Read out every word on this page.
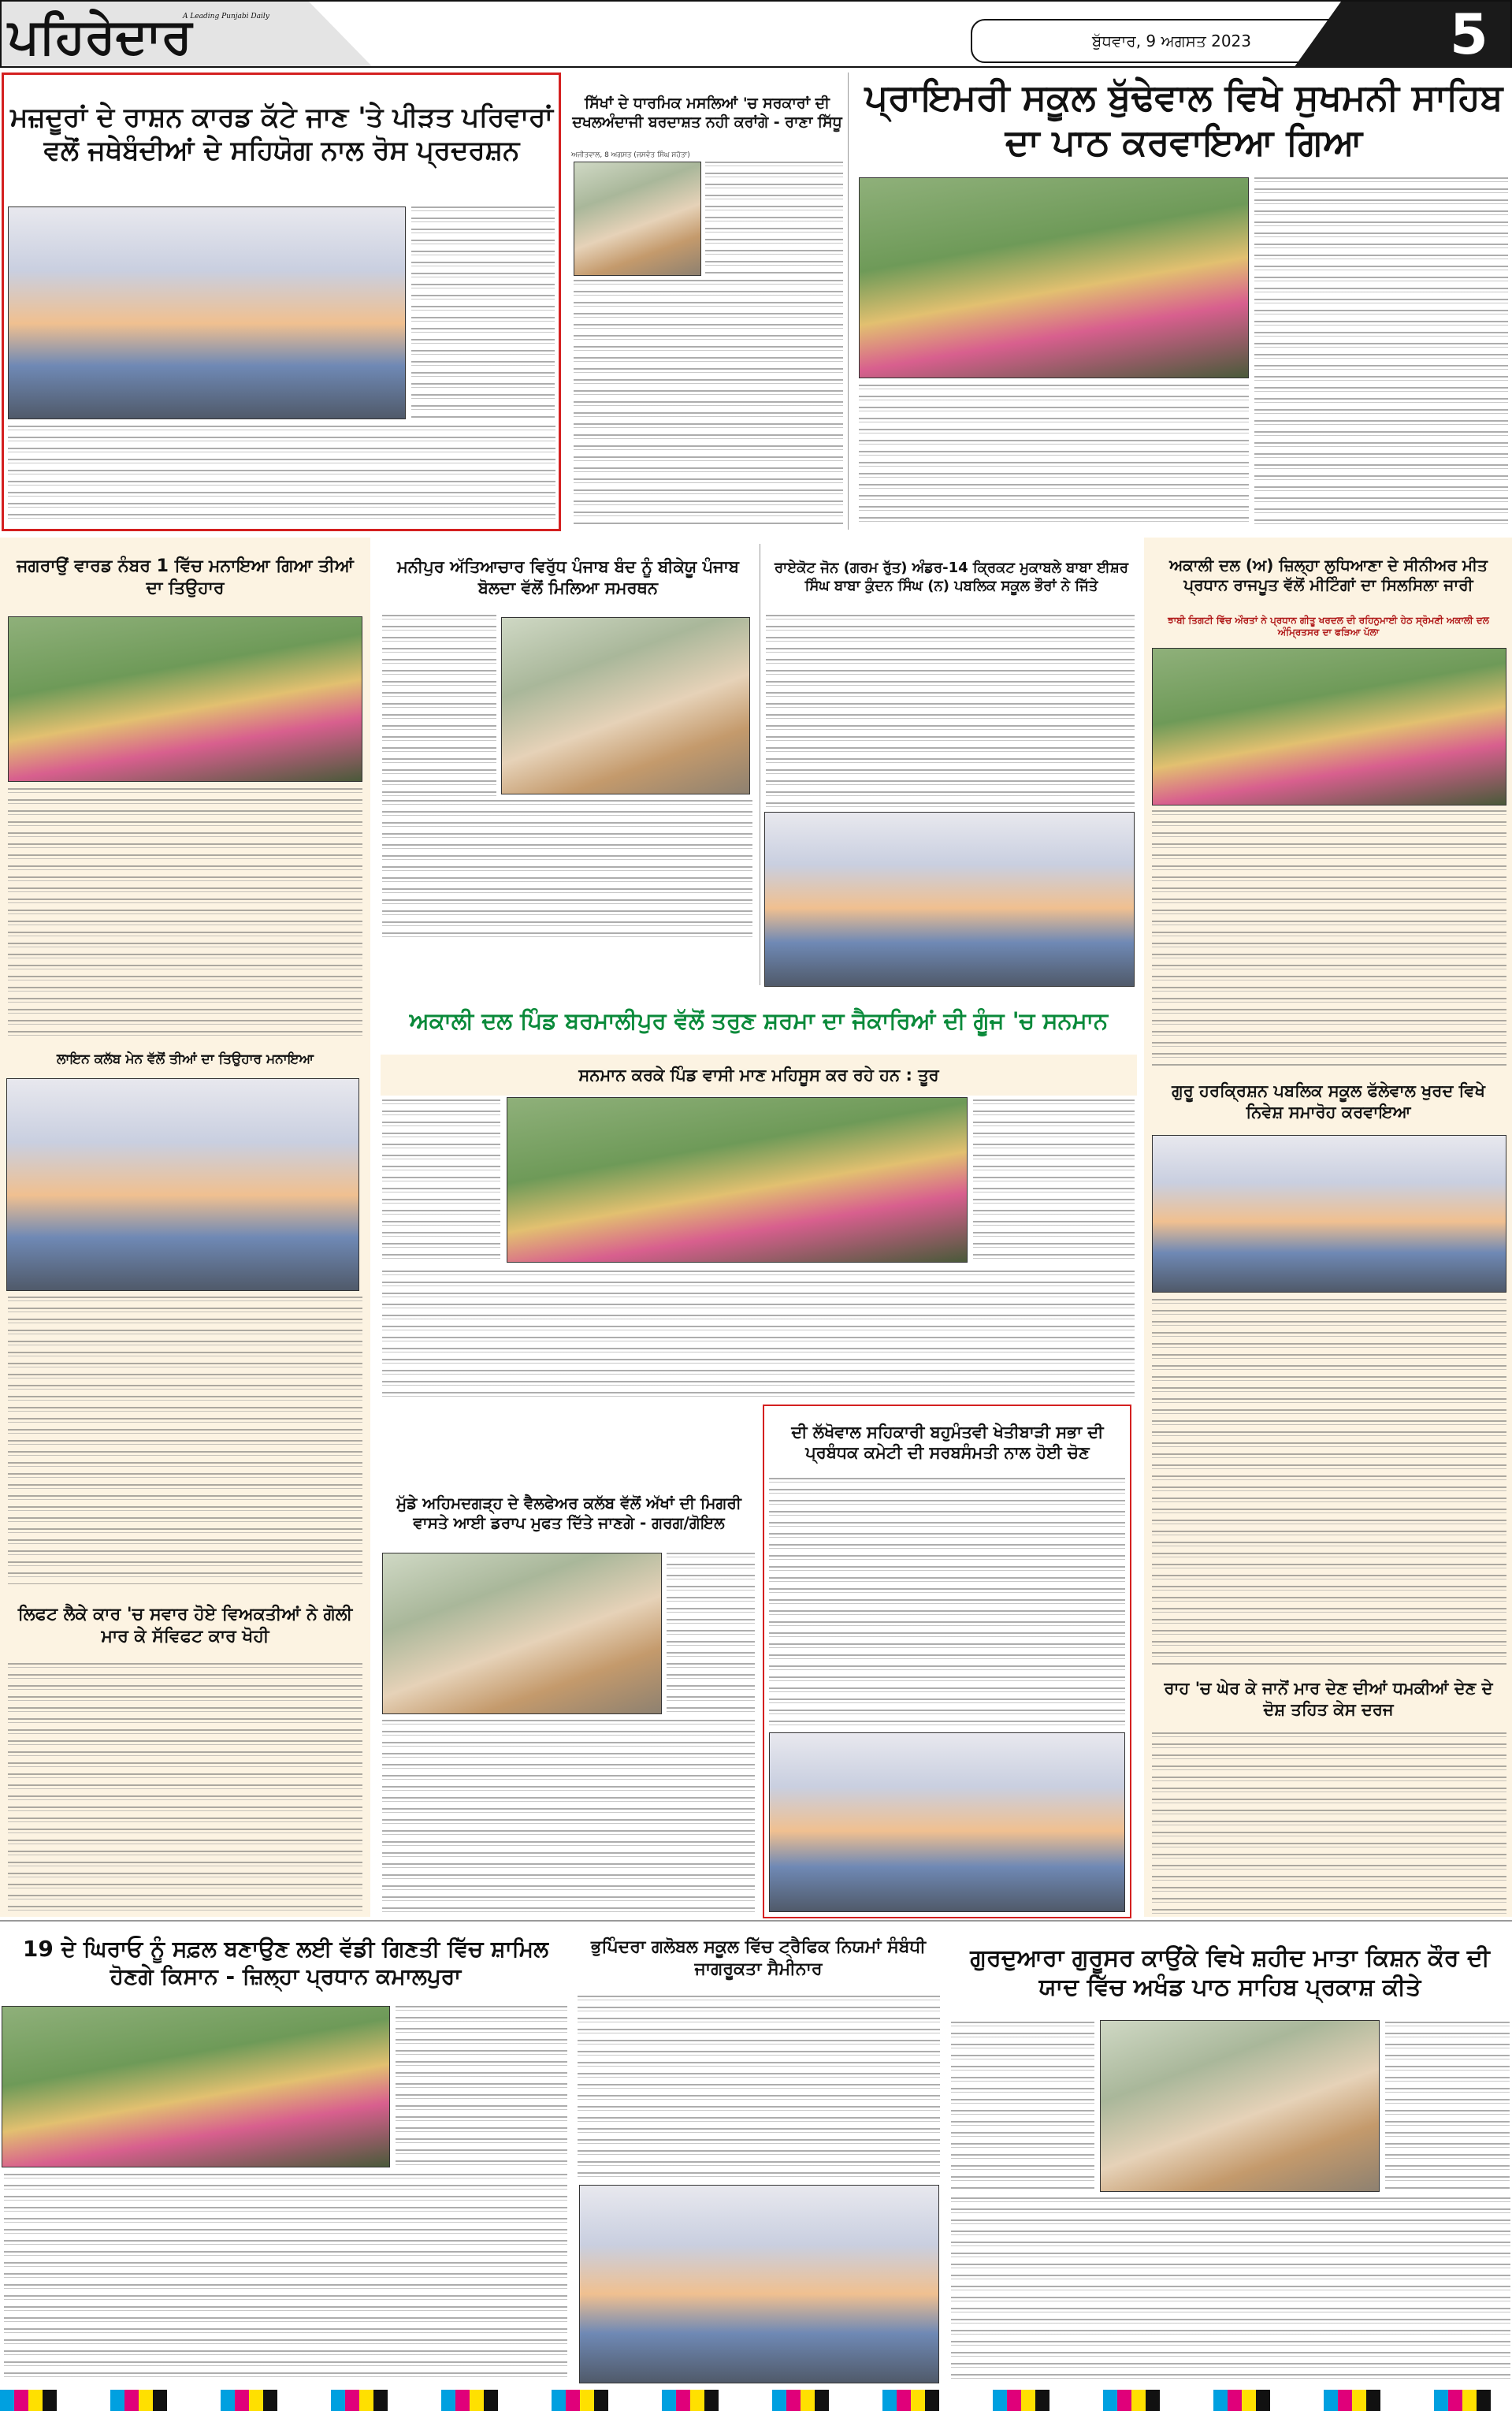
ਪਹਿਰੇਦਾਰ
A Leading Punjabi Daily
ਬੁੱਧਵਾਰ, 9 ਅਗਸਤ 2023	5
ਮਜ਼ਦੂਰਾਂ ਦੇ ਰਾਸ਼ਨ ਕਾਰਡ ਕੱਟੇ ਜਾਣ 'ਤੇ ਪੀੜਤ ਪਰਿਵਾਰਾਂ ਵਲੋਂ ਜਥੇਬੰਦੀਆਂ ਦੇ ਸਹਿਯੋਗ ਨਾਲ ਰੋਸ ਪ੍ਰਦਰਸ਼ਨ
ਸਿੱਖਾਂ ਦੇ ਧਾਰਮਿਕ ਮਸਲਿਆਂ 'ਚ ਸਰਕਾਰਾਂ ਦੀ ਦਖਲਅੰਦਾਜੀ ਬਰਦਾਸ਼ਤ ਨਹੀ ਕਰਾਂਗੇ - ਰਾਣਾ ਸਿੱਧੂ
ਅਜੀਤਵਾਲ, 8 ਅਗਸਤ (ਜਸਵੰਤ ਸਿੰਘ ਸਹੋਤਾ)
ਪ੍ਰਾਇਮਰੀ ਸਕੂਲ ਬੁੱਢੇਵਾਲ ਵਿਖੇ ਸੁਖਮਨੀ ਸਾਹਿਬ ਦਾ ਪਾਠ ਕਰਵਾਇਆ ਗਿਆ
ਜਗਰਾਉਂ ਵਾਰਡ ਨੰਬਰ 1 ਵਿੱਚ ਮਨਾਇਆ ਗਿਆ ਤੀਆਂ ਦਾ ਤਿਉਹਾਰ
ਲਾਇਨ ਕਲੱਬ ਮੇਨ ਵੱਲੋਂ ਤੀਆਂ ਦਾ ਤਿਉਹਾਰ ਮਨਾਇਆ
ਲਿਫਟ ਲੈਕੇ ਕਾਰ 'ਚ ਸਵਾਰ ਹੋਏ ਵਿਅਕਤੀਆਂ ਨੇ ਗੋਲੀ ਮਾਰ ਕੇ ਸੱਵਿਫਟ ਕਾਰ ਖੋਹੀ
ਮਨੀਪੁਰ ਅੱਤਿਆਚਾਰ ਵਿਰੁੱਧ ਪੰਜਾਬ ਬੰਦ ਨੂੰ ਬੀਕੇਯੂ ਪੰਜਾਬ ਬੋਲਦਾ ਵੱਲੋਂ ਮਿਲਿਆ ਸਮਰਥਨ
ਰਾਏਕੋਟ ਜੋਨ (ਗਰਮ ਰੁੱਤ) ਅੰਡਰ-14 ਕ੍ਰਿਕਟ ਮੁਕਾਬਲੇ ਬਾਬਾ ਈਸ਼ਰ ਸਿੰਘ ਬਾਬਾ ਕੁੰਦਨ ਸਿੰਘ (ਨ) ਪਬਲਿਕ ਸਕੂਲ ਭੌਰਾਂ ਨੇ ਜਿੱਤੇ
ਅਕਾਲੀ ਦਲ ਪਿੰਡ ਬਰਮਾਲੀਪੁਰ ਵੱਲੋਂ ਤਰੁਣ ਸ਼ਰਮਾ ਦਾ ਜੈਕਾਰਿਆਂ ਦੀ ਗੂੰਜ 'ਚ ਸਨਮਾਨ
ਸਨਮਾਨ ਕਰਕੇ ਪਿੰਡ ਵਾਸੀ ਮਾਣ ਮਹਿਸੂਸ ਕਰ ਰਹੇ ਹਨ : ਤੂਰ
ਅਕਾਲੀ ਦਲ (ਅ) ਜ਼ਿਲ੍ਹਾ ਲੁਧਿਆਣਾ ਦੇ ਸੀਨੀਅਰ ਮੀਤ ਪ੍ਰਧਾਨ ਰਾਜਪੂਤ ਵੱਲੋਂ ਮੀਟਿੰਗਾਂ ਦਾ ਸਿਲਸਿਲਾ ਜਾਰੀ
ਝਾਬੀ ਤਿਗਟੀ ਵਿੱਚ ਔਰਤਾਂ ਨੇ ਪ੍ਰਧਾਨ ਗੀਤੂ ਖਰਦਲ ਦੀ ਰਹਿਨੁਮਾਈ ਹੇਠ ਸ੍ਰੋਮਣੀ ਅਕਾਲੀ ਦਲ ਅੰਮ੍ਰਿਤਸਰ ਦਾ ਫੜਿਆ ਪੱਲਾ
ਗੁਰੂ ਹਰਕ੍ਰਿਸ਼ਨ ਪਬਲਿਕ ਸਕੂਲ ਫੱਲੇਵਾਲ ਖੁਰਦ ਵਿਖੇ ਨਿਵੇਸ਼ ਸਮਾਰੋਹ ਕਰਵਾਇਆ
ਰਾਹ 'ਚ ਘੇਰ ਕੇ ਜਾਨੋਂ ਮਾਰ ਦੇਣ ਦੀਆਂ ਧਮਕੀਆਂ ਦੇਣ ਦੇ ਦੋਸ਼ ਤਹਿਤ ਕੇਸ ਦਰਜ
ਮੁੱਡੇ ਅਹਿਮਦਗੜ੍ਹ ਦੇ ਵੈਲਫੇਅਰ ਕਲੱਬ ਵੱਲੋਂ ਅੱਖਾਂ ਦੀ ਮਿਗਰੀ ਵਾਸਤੇ ਆਈ ਡਰਾਪ ਮੁਫਤ ਦਿੱਤੇ ਜਾਣਗੇ - ਗਰਗ/ਗੋਇਲ
ਦੀ ਲੱਖੋਵਾਲ ਸਹਿਕਾਰੀ ਬਹੁਮੰਤਵੀ ਖੇਤੀਬਾੜੀ ਸਭਾ ਦੀ ਪ੍ਰਬੰਧਕ ਕਮੇਟੀ ਦੀ ਸਰਬਸੰਮਤੀ ਨਾਲ ਹੋਈ ਚੋਣ
19 ਦੇ ਘਿਰਾਓ ਨੂੰ ਸਫ਼ਲ ਬਣਾਉਣ ਲਈ ਵੱਡੀ ਗਿਣਤੀ ਵਿੱਚ ਸ਼ਾਮਿਲ ਹੋਣਗੇ ਕਿਸਾਨ - ਜ਼ਿਲ੍ਹਾ ਪ੍ਰਧਾਨ ਕਮਾਲਪੁਰਾ
ਭੁਪਿੰਦਰਾ ਗਲੋਬਲ ਸਕੂਲ ਵਿੱਚ ਟ੍ਰੈਫਿਕ ਨਿਯਮਾਂ ਸੰਬੰਧੀ ਜਾਗਰੂਕਤਾ ਸੈਮੀਨਾਰ	ਗੁਰਦੁਆਰਾ ਗੁਰੂਸਰ ਕਾਉਂਕੇ ਵਿਖੇ ਸ਼ਹੀਦ ਮਾਤਾ ਕਿਸ਼ਨ ਕੌਰ ਦੀ ਯਾਦ ਵਿੱਚ ਅਖੰਡ ਪਾਠ ਸਾਹਿਬ ਪ੍ਰਕਾਸ਼ ਕੀਤੇ
